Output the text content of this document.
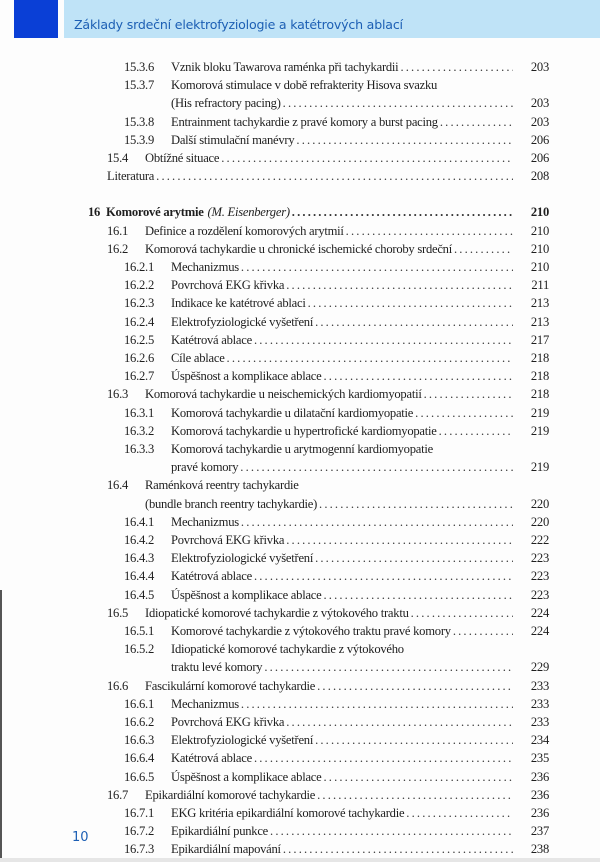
Základy srdeční elektrofyziologie a katétrových ablací
15.3.6	Vznik bloku Tawarova raménka při tachykardii . . .	203
15.3.7	Komorová stimulace v době refrakterity Hisova svazku
(His refractory pacing) . . .	203
15.3.8	Entrainment tachykardie z pravé komory a burst pacing . . .	203
15.3.9	Další stimulační manévry . . .	206
15.4	Obtížné situace . . .	206
Literatura . . .	208
16 Komorové arytmie (M. Eisenberger) . . .	210
16.1	Definice a rozdělení komorových arytmií . . .	210
16.2	Komorová tachykardie u chronické ischemické choroby srdeční . . .	210
16.2.1	Mechanizmus . . .	210
16.2.2	Povrchová EKG křivka . . .	211
16.2.3	Indikace ke katétrové ablaci . . .	213
16.2.4	Elektrofyziologické vyšetření . . .	213
16.2.5	Katétrová ablace . . .	217
16.2.6	Cíle ablace . . .	218
16.2.7	Úspěšnost a komplikace ablace . . .	218
16.3	Komorová tachykardie u neischemických kardiomyopatií . . .	218
16.3.1	Komorová tachykardie u dilatační kardiomyopatie . . .	219
16.3.2	Komorová tachykardie u hypertrofické kardiomyopatie . . .	219
16.3.3	Komorová tachykardie u arytmogenní kardiomyopatie
pravé komory . . .	219
16.4	Raménková reentry tachykardie
(bundle branch reentry tachykardie) . . .	220
16.4.1	Mechanizmus . . .	220
16.4.2	Povrchová EKG křivka . . .	222
16.4.3	Elektrofyziologické vyšetření . . .	223
16.4.4	Katétrová ablace . . .	223
16.4.5	Úspěšnost a komplikace ablace . . .	223
16.5	Idiopatické komorové tachykardie z výtokového traktu . . .	224
16.5.1	Komorové tachykardie z výtokového traktu pravé komory . . .	224
16.5.2	Idiopatické komorové tachykardie z výtokového
traktu levé komory . . .	229
16.6	Fascikulární komorové tachykardie . . .	233
16.6.1	Mechanizmus . . .	233
16.6.2	Povrchová EKG křivka . . .	233
16.6.3	Elektrofyziologické vyšetření . . .	234
16.6.4	Katétrová ablace . . .	235
16.6.5	Úspěšnost a komplikace ablace . . .	236
16.7	Epikardiální komorové tachykardie . . .	236
16.7.1	EKG kritéria epikardiální komorové tachykardie . . .	236
16.7.2	Epikardiální punkce . . .	237
16.7.3	Epikardiální mapování . . .	238
10
